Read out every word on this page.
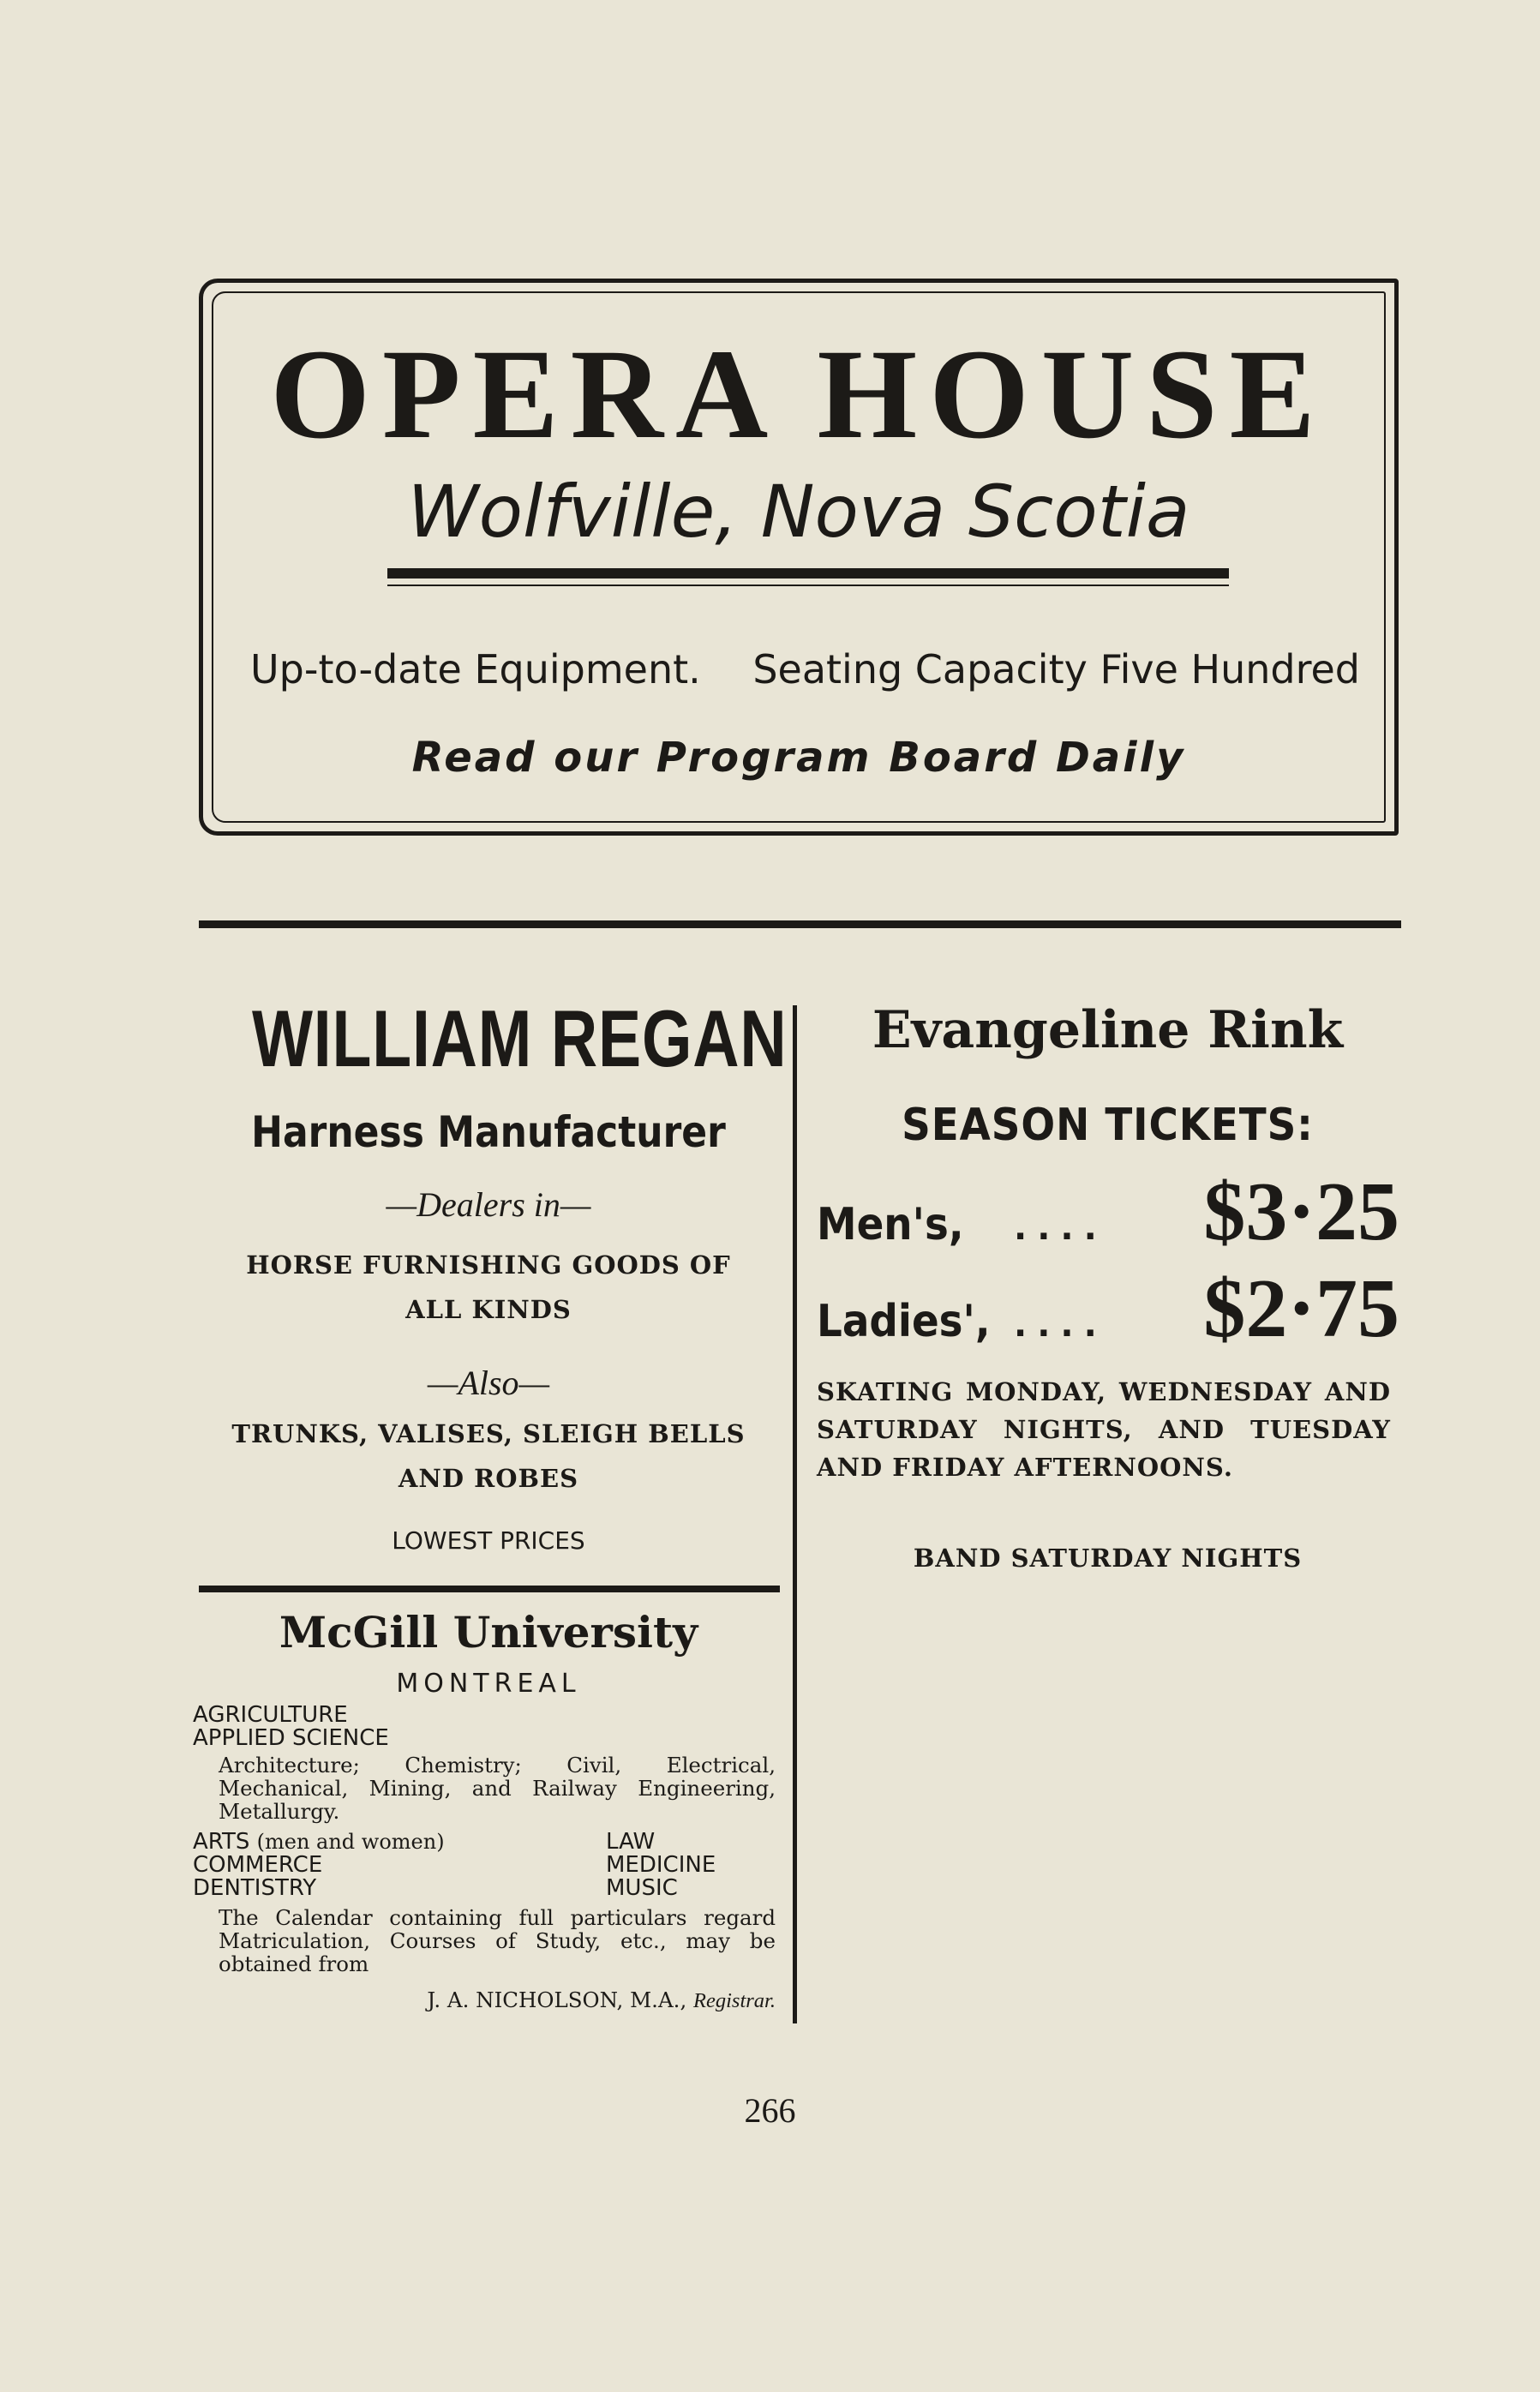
OPERA HOUSE
Wolfville, Nova Scotia
Up-to-date Equipment. Seating Capacity Five Hundred
Read our Program Board Daily
WILLIAM REGAN
Harness Manufacturer
—Dealers in—
HORSE FURNISHING GOODS OF
ALL KINDS
—Also—
TRUNKS, VALISES, SLEIGH BELLS
AND ROBES
LOWEST PRICES
McGill University
MONTREAL
AGRICULTURE
APPLIED SCIENCE
Architecture; Chemistry; Civil, Electrical, Mechanical, Mining, and Railway Engineering, Metallurgy.
ARTS (men and women)	LAW
COMMERCE	MEDICINE
DENTISTRY	MUSIC
The Calendar containing full particulars regard Matriculation, Courses of Study, etc., may be obtained from
J. A. NICHOLSON, M.A., Registrar.
Evangeline Rink
SEASON TICKETS:
Men's,	....	$3·25
Ladies', ....	$2·75
SKATING MONDAY, WEDNESDAY AND SATURDAY NIGHTS, AND TUESDAY AND FRIDAY AFTERNOONS.
BAND SATURDAY NIGHTS
266
